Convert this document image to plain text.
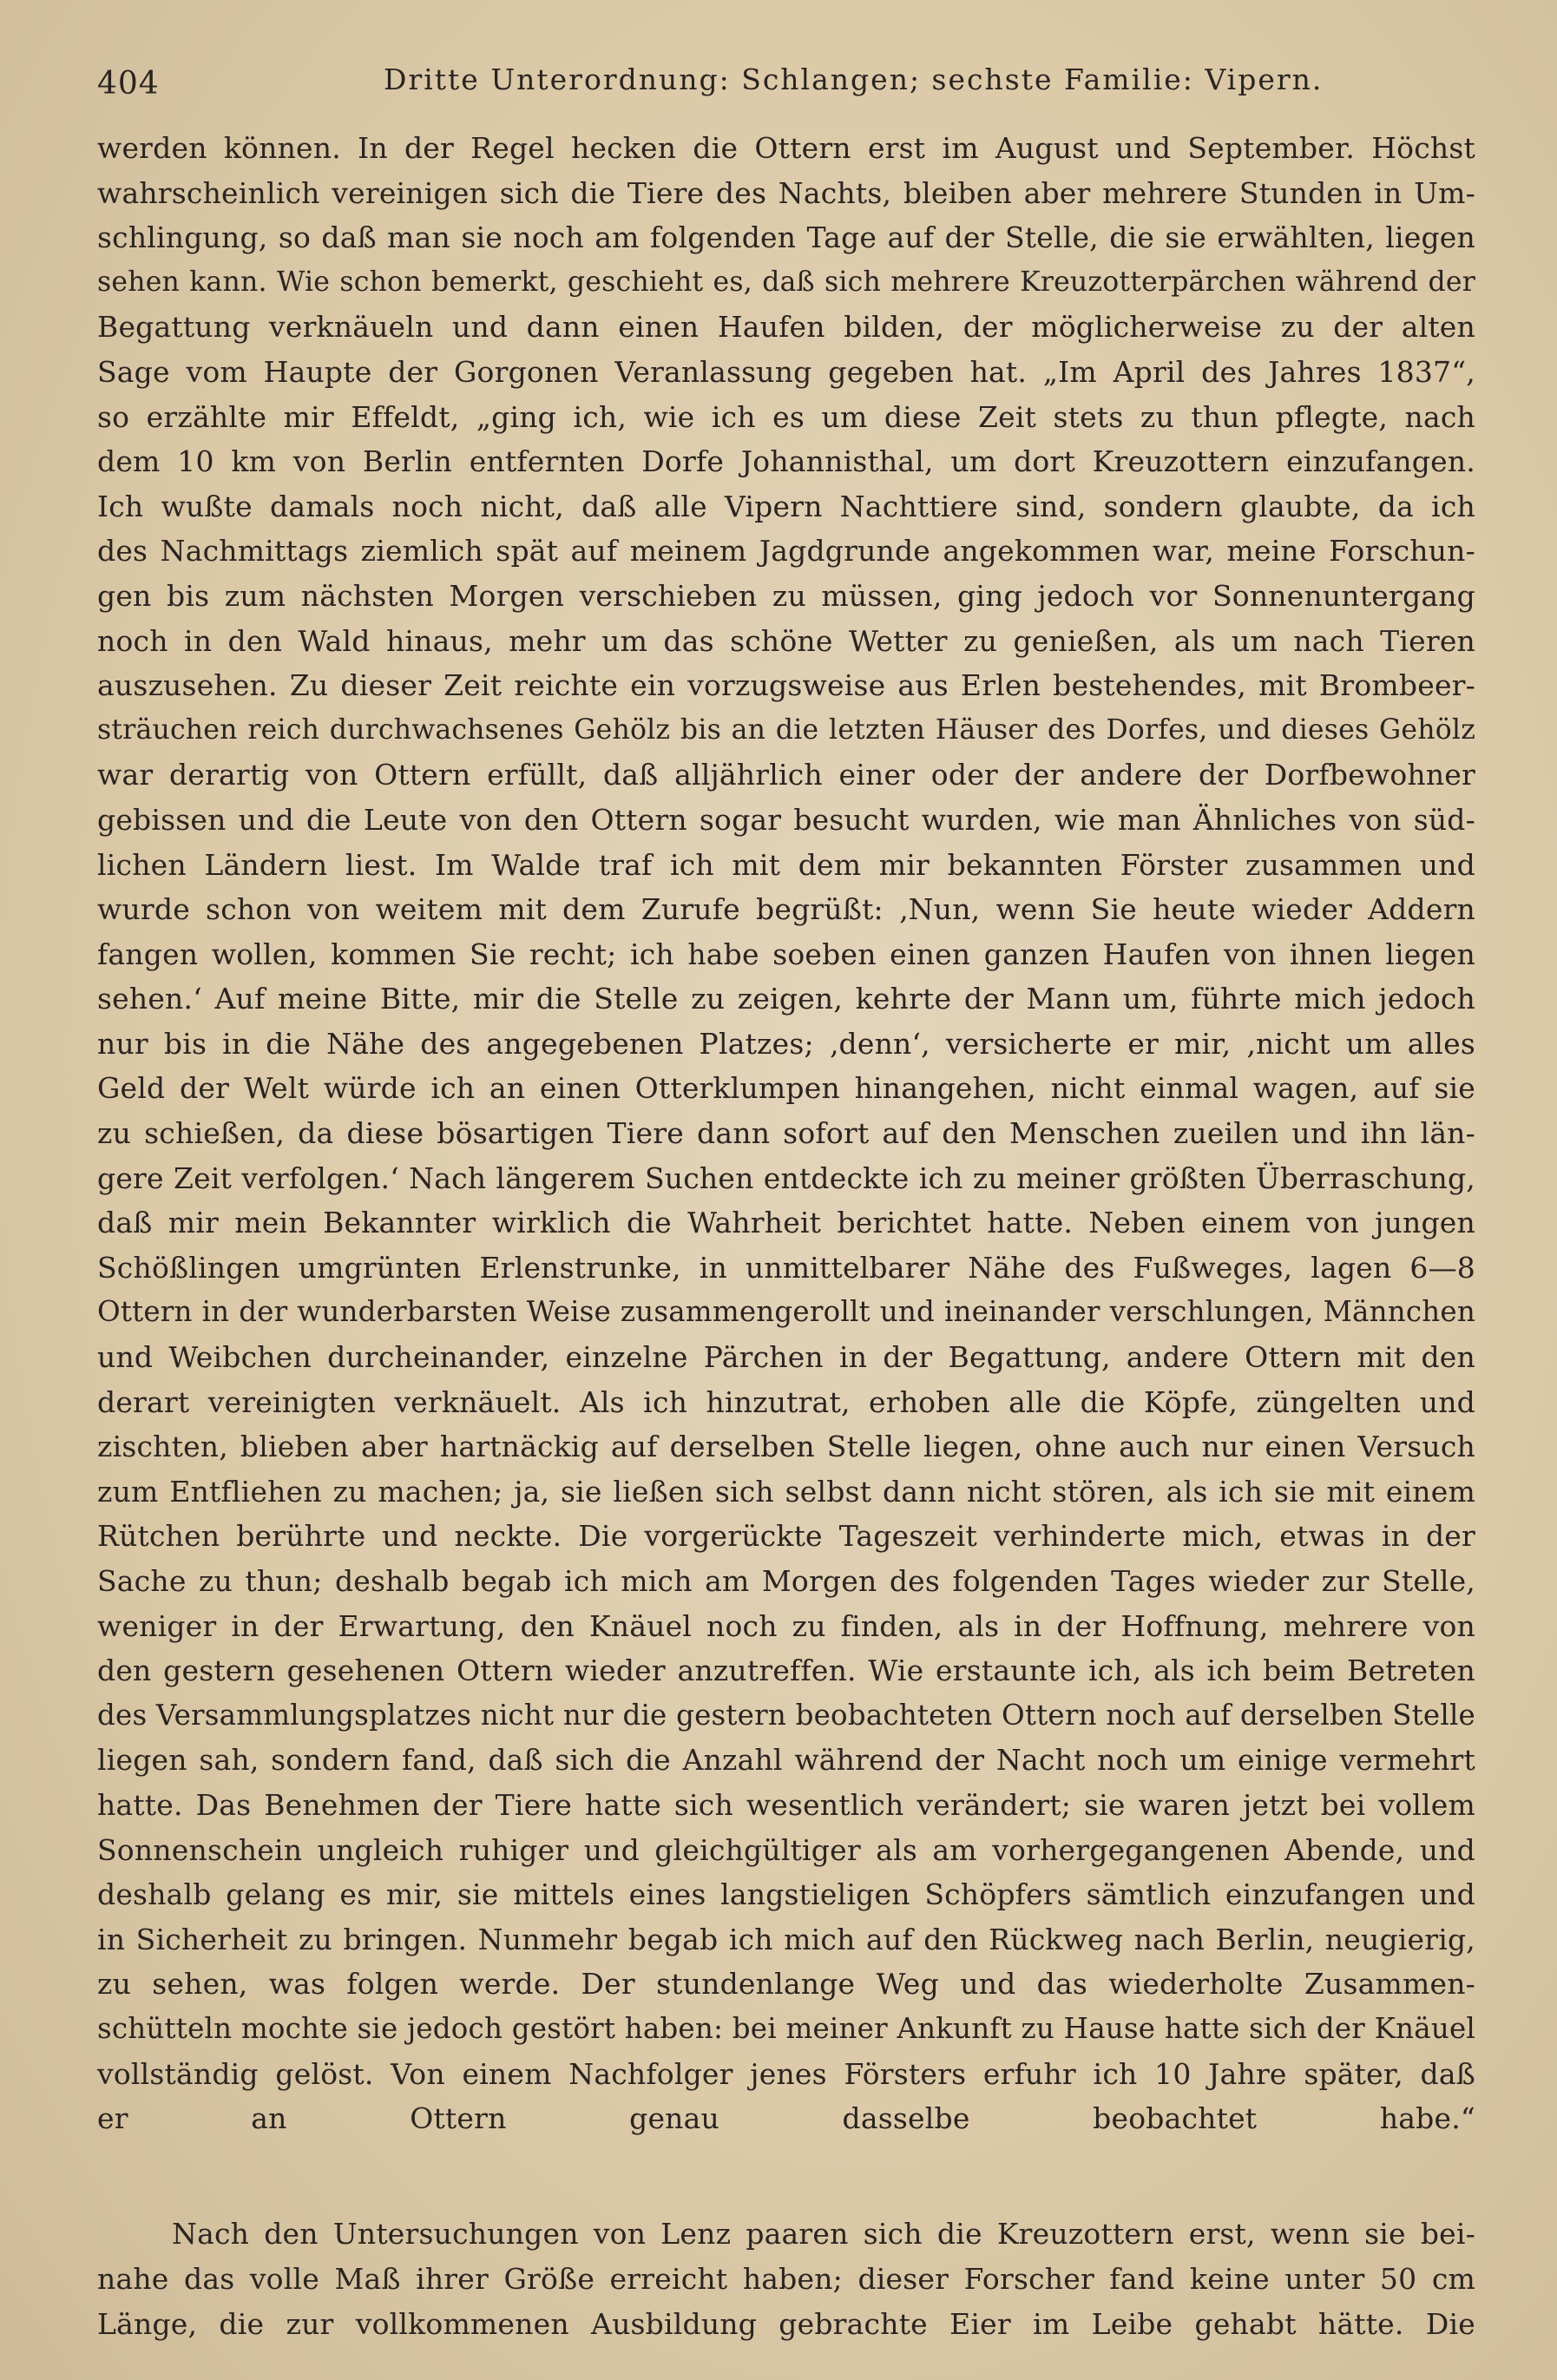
404	Dritte Unterordnung: Schlangen; sechste Familie: Vipern.
werden können. In der Regel hecken die Ottern erst im August und September. Höchst
wahrscheinlich vereinigen sich die Tiere des Nachts, bleiben aber mehrere Stunden in Um-
schlingung, so daß man sie noch am folgenden Tage auf der Stelle, die sie erwählten, liegen
sehen kann. Wie schon bemerkt, geschieht es, daß sich mehrere Kreuzotterpärchen während der
Begattung verknäueln und dann einen Haufen bilden, der möglicherweise zu der alten
Sage vom Haupte der Gorgonen Veranlassung gegeben hat. „Im April des Jahres 1837“,
so erzählte mir Effeldt, „ging ich, wie ich es um diese Zeit stets zu thun pflegte, nach
dem 10 km von Berlin entfernten Dorfe Johannisthal, um dort Kreuzottern einzufangen.
Ich wußte damals noch nicht, daß alle Vipern Nachttiere sind, sondern glaubte, da ich
des Nachmittags ziemlich spät auf meinem Jagdgrunde angekommen war, meine Forschun-
gen bis zum nächsten Morgen verschieben zu müssen, ging jedoch vor Sonnenuntergang
noch in den Wald hinaus, mehr um das schöne Wetter zu genießen, als um nach Tieren
auszusehen. Zu dieser Zeit reichte ein vorzugsweise aus Erlen bestehendes, mit Brombeer-
sträuchen reich durchwachsenes Gehölz bis an die letzten Häuser des Dorfes, und dieses Gehölz
war derartig von Ottern erfüllt, daß alljährlich einer oder der andere der Dorfbewohner
gebissen und die Leute von den Ottern sogar besucht wurden, wie man Ähnliches von süd-
lichen Ländern liest. Im Walde traf ich mit dem mir bekannten Förster zusammen und
wurde schon von weitem mit dem Zurufe begrüßt: ‚Nun, wenn Sie heute wieder Addern
fangen wollen, kommen Sie recht; ich habe soeben einen ganzen Haufen von ihnen liegen
sehen.‘ Auf meine Bitte, mir die Stelle zu zeigen, kehrte der Mann um, führte mich jedoch
nur bis in die Nähe des angegebenen Platzes; ‚denn‘, versicherte er mir, ‚nicht um alles
Geld der Welt würde ich an einen Otterklumpen hinangehen, nicht einmal wagen, auf sie
zu schießen, da diese bösartigen Tiere dann sofort auf den Menschen zueilen und ihn län-
gere Zeit verfolgen.‘ Nach längerem Suchen entdeckte ich zu meiner größten Überraschung,
daß mir mein Bekannter wirklich die Wahrheit berichtet hatte. Neben einem von jungen
Schößlingen umgrünten Erlenstrunke, in unmittelbarer Nähe des Fußweges, lagen 6—8
Ottern in der wunderbarsten Weise zusammengerollt und ineinander verschlungen, Männchen
und Weibchen durcheinander, einzelne Pärchen in der Begattung, andere Ottern mit den
derart vereinigten verknäuelt. Als ich hinzutrat, erhoben alle die Köpfe, züngelten und
zischten, blieben aber hartnäckig auf derselben Stelle liegen, ohne auch nur einen Versuch
zum Entfliehen zu machen; ja, sie ließen sich selbst dann nicht stören, als ich sie mit einem
Rütchen berührte und neckte. Die vorgerückte Tageszeit verhinderte mich, etwas in der
Sache zu thun; deshalb begab ich mich am Morgen des folgenden Tages wieder zur Stelle,
weniger in der Erwartung, den Knäuel noch zu finden, als in der Hoffnung, mehrere von
den gestern gesehenen Ottern wieder anzutreffen. Wie erstaunte ich, als ich beim Betreten
des Versammlungsplatzes nicht nur die gestern beobachteten Ottern noch auf derselben Stelle
liegen sah, sondern fand, daß sich die Anzahl während der Nacht noch um einige vermehrt
hatte. Das Benehmen der Tiere hatte sich wesentlich verändert; sie waren jetzt bei vollem
Sonnenschein ungleich ruhiger und gleichgültiger als am vorhergegangenen Abende, und
deshalb gelang es mir, sie mittels eines langstieligen Schöpfers sämtlich einzufangen und
in Sicherheit zu bringen. Nunmehr begab ich mich auf den Rückweg nach Berlin, neugierig,
zu sehen, was folgen werde. Der stundenlange Weg und das wiederholte Zusammen-
schütteln mochte sie jedoch gestört haben: bei meiner Ankunft zu Hause hatte sich der Knäuel
vollständig gelöst. Von einem Nachfolger jenes Försters erfuhr ich 10 Jahre später, daß
er an Ottern genau dasselbe beobachtet habe.“
Nach den Untersuchungen von Lenz paaren sich die Kreuzottern erst, wenn sie bei-
nahe das volle Maß ihrer Größe erreicht haben; dieser Forscher fand keine unter 50 cm
Länge, die zur vollkommenen Ausbildung gebrachte Eier im Leibe gehabt hätte. Die
